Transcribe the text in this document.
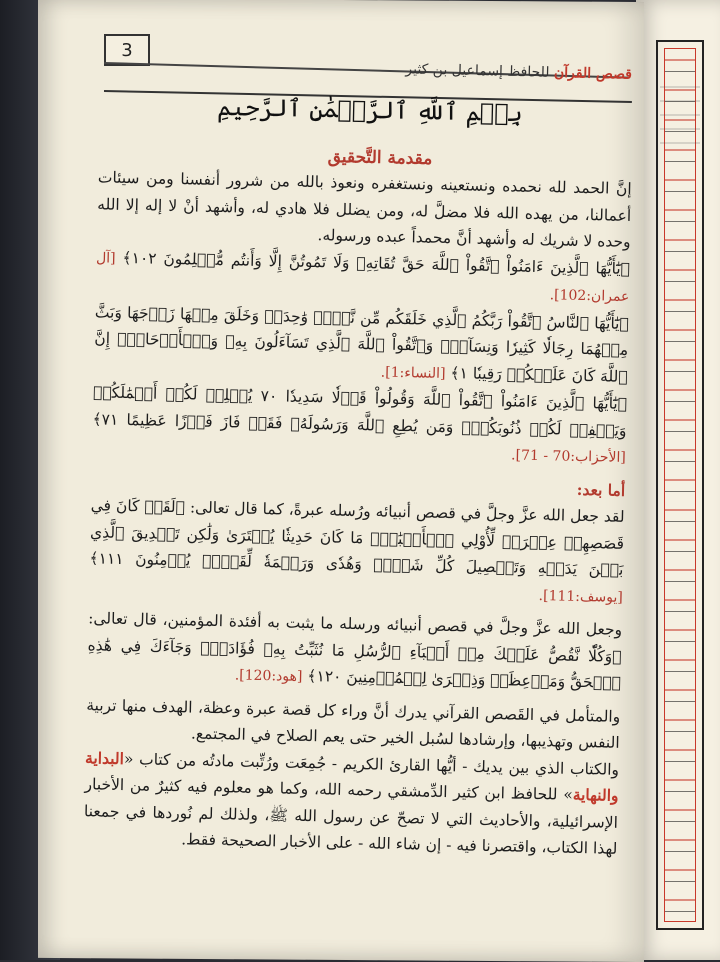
3
قصص القرآن للحافظ إسماعيل بن كثير
بِسۡمِ ٱللَّهِ ٱلرَّحۡمَٰنِ ٱلرَّحِيمِ
مقدمة التَّحقيق

إنَّ الحمد لله نحمده ونستعينه ونستغفره ونعوذ بالله من شرور أنفسنا ومن سيئات أعمالنا، من يهده الله فلا مضلَّ له، ومن يضلل فلا هادي له، وأشهد أنْ لا إله إلا الله وحده لا شريك له وأشهد أنَّ محمداً عبده ورسوله.

﴿يَٰٓأَيُّهَا ٱلَّذِينَ ءَامَنُواْ ٱتَّقُواْ ٱللَّهَ حَقَّ تُقَاتِهِۦ وَلَا تَمُوتُنَّ إِلَّا وَأَنتُم مُّسۡلِمُونَ ١٠٢﴾ [آل عمران:102].

﴿يَٰٓأَيُّهَا ٱلنَّاسُ ٱتَّقُواْ رَبَّكُمُ ٱلَّذِي خَلَقَكُم مِّن نَّفۡسٖ وَٰحِدَةٖ وَخَلَقَ مِنۡهَا زَوۡجَهَا وَبَثَّ مِنۡهُمَا رِجَالٗا كَثِيرٗا وَنِسَآءٗۚ وَٱتَّقُواْ ٱللَّهَ ٱلَّذِي تَسَآءَلُونَ بِهِۦ وَٱلۡأَرۡحَامَۚ إِنَّ ٱللَّهَ كَانَ عَلَيۡكُمۡ رَقِيبٗا ١﴾ [النساء:1].

﴿يَٰٓأَيُّهَا ٱلَّذِينَ ءَامَنُواْ ٱتَّقُواْ ٱللَّهَ وَقُولُواْ قَوۡلٗا سَدِيدٗا ٧٠ يُصۡلِحۡ لَكُمۡ أَعۡمَٰلَكُمۡ وَيَغۡفِرۡ لَكُمۡ ذُنُوبَكُمۡۗ وَمَن يُطِعِ ٱللَّهَ وَرَسُولَهُۥ فَقَدۡ فَازَ فَوۡزًا عَظِيمًا ٧١﴾ [الأحزاب:70 - 71].

أما بعد:

لقد جعل الله عزَّ وجلَّ في قصص أنبيائه ورُسله عبرةً، كما قال تعالى: ﴿لَقَدۡ كَانَ فِي قَصَصِهِمۡ عِبۡرَةٞ لِّأُوْلِي ٱلۡأَلۡبَٰبِۗ مَا كَانَ حَدِيثٗا يُفۡتَرَىٰ وَلَٰكِن تَصۡدِيقَ ٱلَّذِي بَيۡنَ يَدَيۡهِ وَتَفۡصِيلَ كُلِّ شَيۡءٖ وَهُدٗى وَرَحۡمَةٗ لِّقَوۡمٖ يُؤۡمِنُونَ ١١١﴾ [يوسف:111].

وجعل الله عزَّ وجلَّ في قصص أنبيائه ورسله ما يثبت به أفئدة المؤمنين، قال تعالى: ﴿وَكُلّٗا نَّقُصُّ عَلَيۡكَ مِنۡ أَنۢبَآءِ ٱلرُّسُلِ مَا نُثَبِّتُ بِهِۦ فُؤَادَكَۚ وَجَآءَكَ فِي هَٰذِهِ ٱلۡحَقُّ وَمَوۡعِظَةٞ وَذِكۡرَىٰ لِلۡمُؤۡمِنِينَ ١٢٠﴾ [هود:120].

والمتأمل في القَصص القرآني يدرك أنَّ وراء كل قصة عبرة وعظة، الهدف منها تربية النفس وتهذيبها، وإرشادها لسُبل الخير حتى يعم الصلاح في المجتمع.

والكتاب الذي بين يديك - أيُّها القارئ الكريم - جُمِعَت ورُتِّبت مادتُه من كتاب «البداية والنهاية» للحافظ ابن كثير الدِّمشقي رحمه الله، وكما هو معلوم فيه كثيرٌ من الأخبار الإسرائيلية، والأحاديث التي لا تصحّ عن رسول الله ﷺ، ولذلك لم نُوردها في جمعنا لهذا الكتاب، واقتصرنا فيه - إن شاء الله - على الأخبار الصحيحة فقط.
